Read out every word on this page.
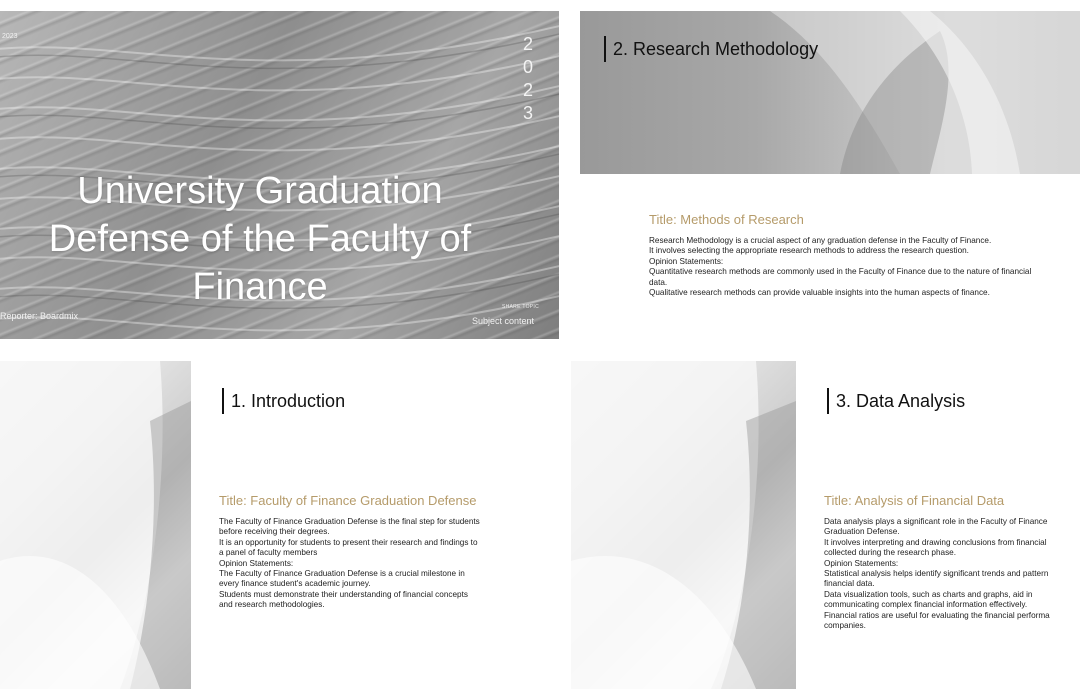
2023	2
0
2
3
University Graduation
Defense of the Faculty of
Finance
Reporter: Boardmix
SHARE TOPIC
Subject content
2. Research Methodology
Title: Methods of Research
Research Methodology is a crucial aspect of any graduation defense in the Faculty of Finance.
It involves selecting the appropriate research methods to address the research question.
Opinion Statements:
Quantitative research methods are commonly used in the Faculty of Finance due to the nature of financial
data.
Qualitative research methods can provide valuable insights into the human aspects of finance.
1. Introduction
Title: Faculty of Finance Graduation Defense
The Faculty of Finance Graduation Defense is the final step for students
before receiving their degrees.
It is an opportunity for students to present their research and findings to
a panel of faculty members
Opinion Statements:
The Faculty of Finance Graduation Defense is a crucial milestone in
every finance student's academic journey.
Students must demonstrate their understanding of financial concepts
and research methodologies.
3. Data Analysis
Title: Analysis of Financial Data
Data analysis plays a significant role in the Faculty of Finance
Graduation Defense.
It involves interpreting and drawing conclusions from financial
collected during the research phase.
Opinion Statements:
Statistical analysis helps identify significant trends and pattern
financial data.
Data visualization tools, such as charts and graphs, aid in
communicating complex financial information effectively.
Financial ratios are useful for evaluating the financial performa
companies.
